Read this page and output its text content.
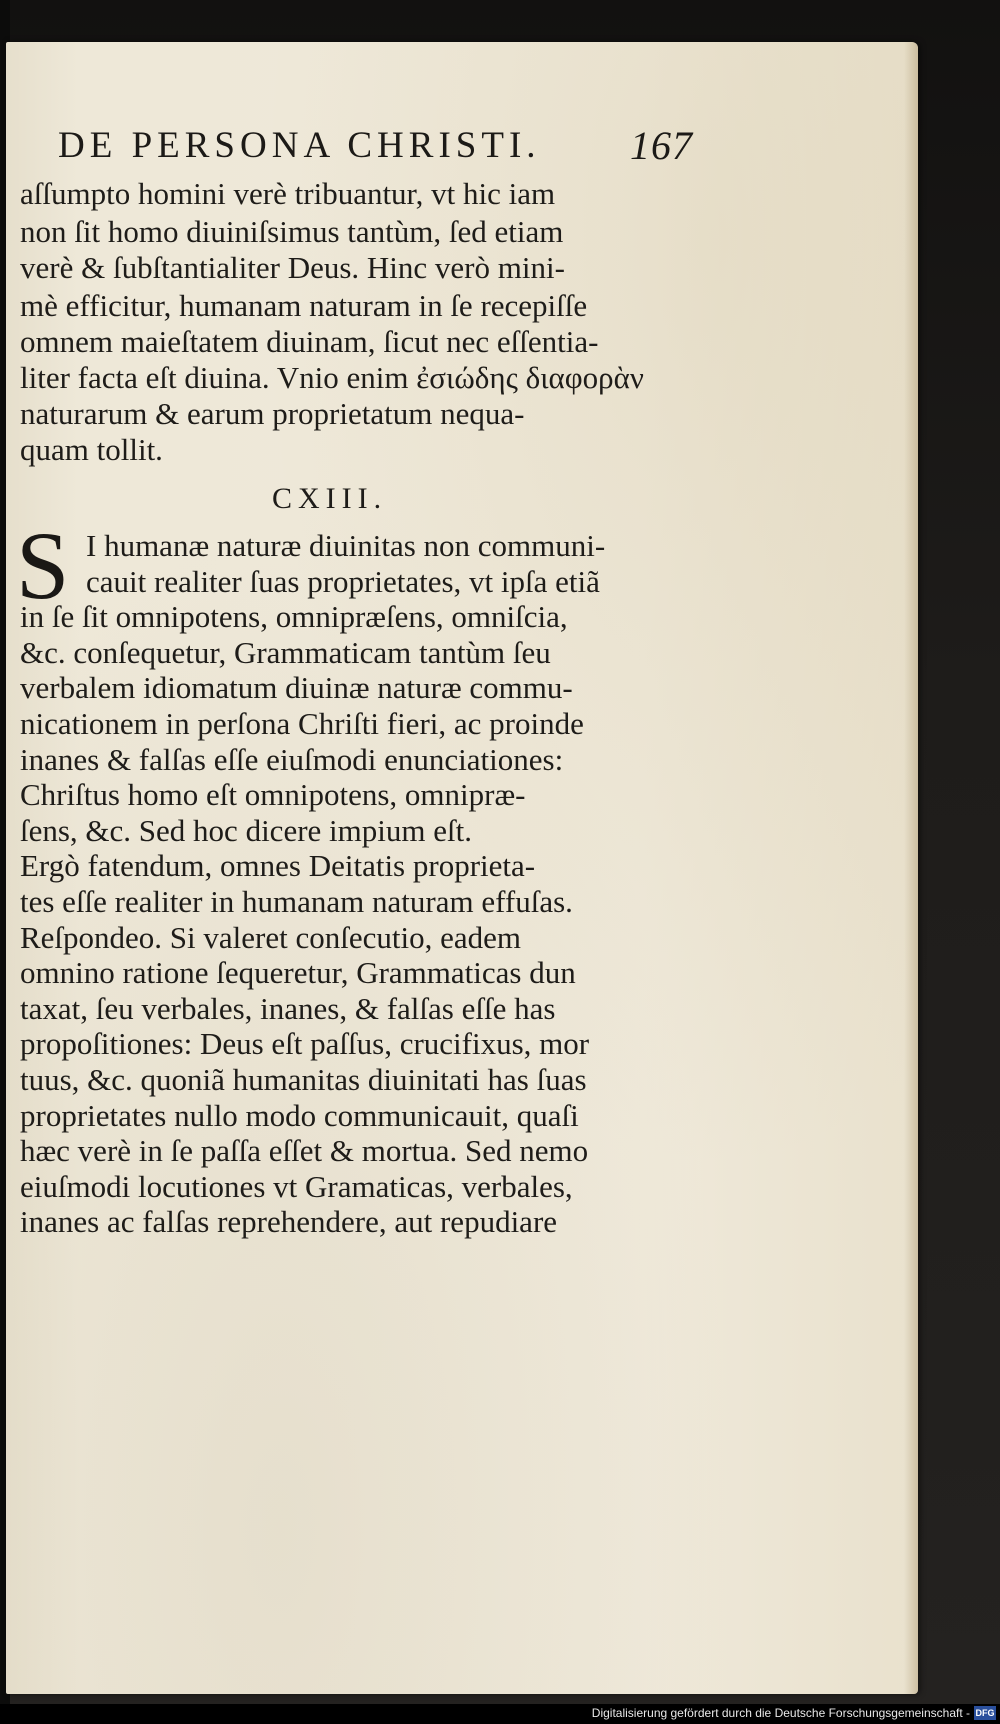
DE PERSONA CHRISTI. 167
aſſumpto homini verè tribuantur, vt hic iam
non ſit homo diuiniſsimus tantùm, ſed etiam
verè & ſubſtantialiter Deus. Hinc verò mini-
mè efficitur, humanam naturam in ſe recepiſſe
omnem maieſtatem diuinam, ſicut nec eſſentia-
liter facta eſt diuina. Vnio enim ἐσιώδης διαφορὰν
naturarum & earum proprietatum nequa-
quam tollit.
CXIII.
S I humanæ naturæ diuinitas non communi-
cauit realiter ſuas proprietates, vt ipſa etiã
in ſe ſit omnipotens, omnipræſens, omniſcia,
&c. conſequetur, Grammaticam tantùm ſeu
verbalem idiomatum diuinæ naturæ commu-
nicationem in perſona Chriſti fieri, ac proinde
inanes & falſas eſſe eiuſmodi enunciationes:
Chriſtus homo eſt omnipotens, omnipræ-
ſens, &c. Sed hoc dicere impium eſt.
Ergò fatendum, omnes Deitatis proprieta-
tes eſſe realiter in humanam naturam effuſas.
Reſpondeo. Si valeret conſecutio, eadem
omnino ratione ſequeretur, Grammaticas dun
taxat, ſeu verbales, inanes, & falſas eſſe has
propoſitiones: Deus eſt paſſus, crucifixus, mor
tuus, &c. quoniã humanitas diuinitati has ſuas
proprietates nullo modo communicauit, quaſi
hæc verè in ſe paſſa eſſet & mortua. Sed nemo
eiuſmodi locutiones vt Gramaticas, verbales,
inanes ac falſas reprehendere, aut repudiare
Digitalisierung gefördert durch die Deutsche Forschungsgemeinschaft - DFG
